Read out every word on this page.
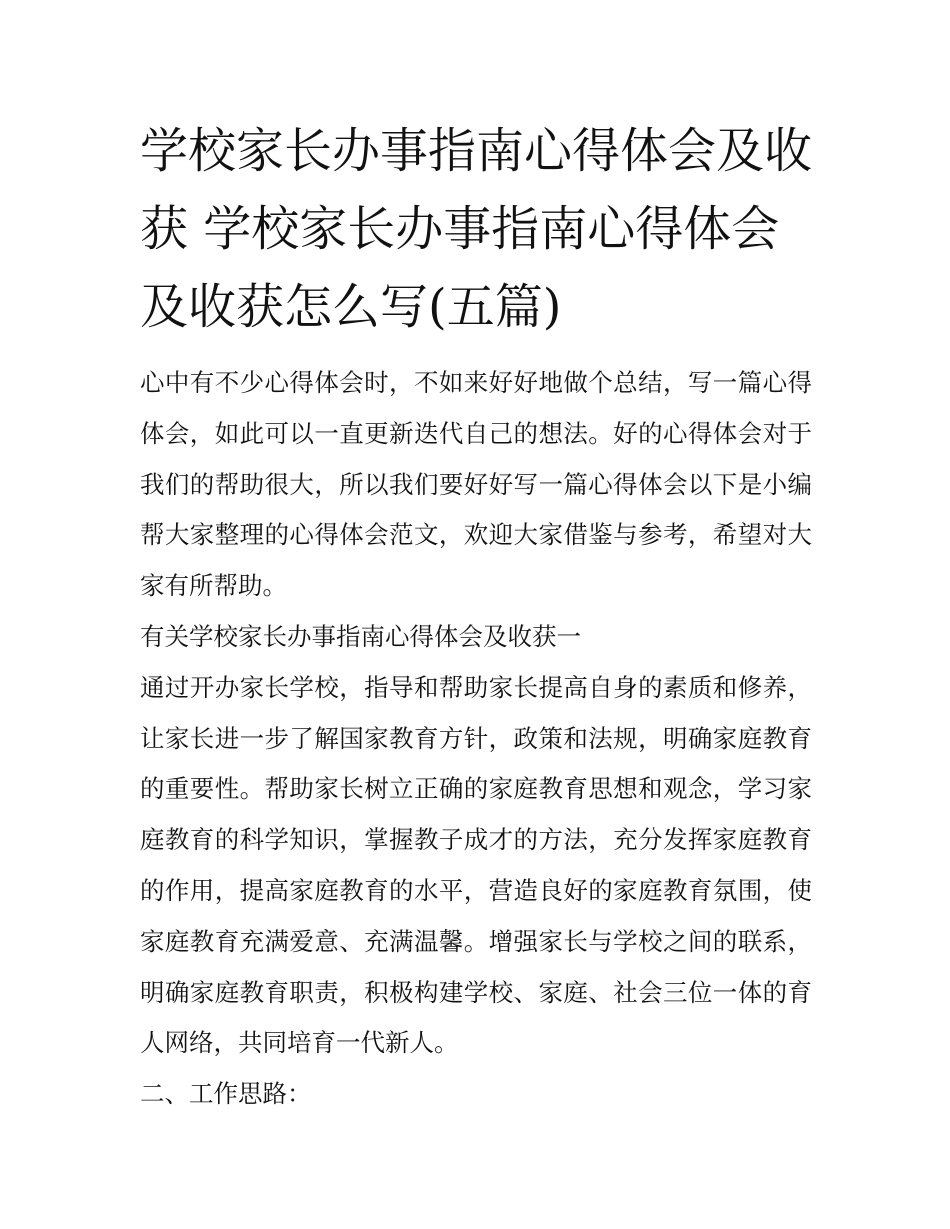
学校家长办事指南心得体会及收获 学校家长办事指南心得体会及收获怎么写(五篇)

心中有不少心得体会时，不如来好好地做个总结，写一篇心得体会，如此可以一直更新迭代自己的想法。好的心得体会对于我们的帮助很大，所以我们要好好写一篇心得体会以下是小编帮大家整理的心得体会范文，欢迎大家借鉴与参考，希望对大家有所帮助。

有关学校家长办事指南心得体会及收获一

通过开办家长学校，指导和帮助家长提高自身的素质和修养，让家长进一步了解国家教育方针，政策和法规，明确家庭教育的重要性。帮助家长树立正确的家庭教育思想和观念，学习家庭教育的科学知识，掌握教子成才的方法，充分发挥家庭教育的作用，提高家庭教育的水平，营造良好的家庭教育氛围，使家庭教育充满爱意、充满温馨。增强家长与学校之间的联系，明确家庭教育职责，积极构建学校、家庭、社会三位一体的育人网络，共同培育一代新人。

二、工作思路：
